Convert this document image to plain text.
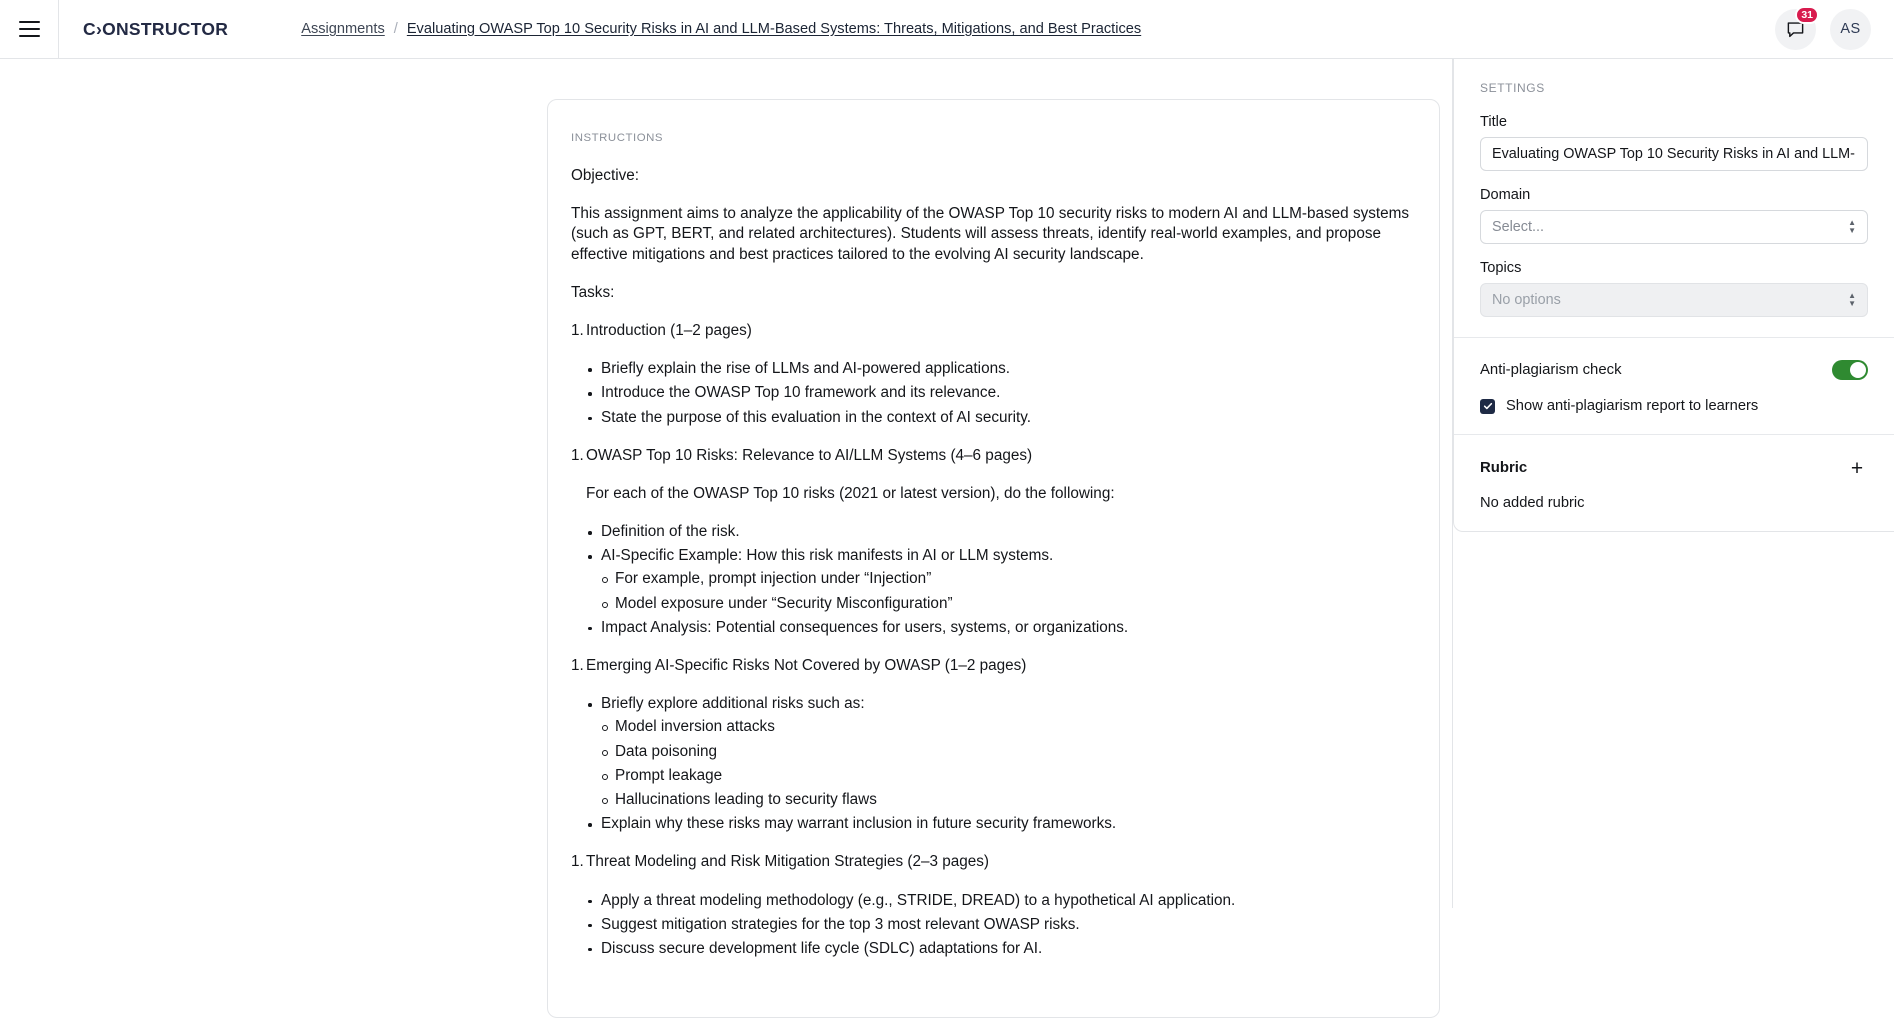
C›ONSTRUCTOR	Assignments / Evaluating OWASP Top 10 Security Risks in AI and LLM-Based Systems: Threats, Mitigations, and Best Practices
31
AS
INSTRUCTIONS

Objective:

This assignment aims to analyze the applicability of the OWASP Top 10 security risks to modern AI and LLM-based systems (such as GPT, BERT, and related architectures). Students will assess threats, identify real-world examples, and propose effective mitigations and best practices tailored to the evolving AI security landscape.

Tasks:

1. Introduction (1–2 pages)

Briefly explain the rise of LLMs and AI-powered applications.
Introduce the OWASP Top 10 framework and its relevance.
State the purpose of this evaluation in the context of AI security.

1. OWASP Top 10 Risks: Relevance to AI/LLM Systems (4–6 pages)

For each of the OWASP Top 10 risks (2021 or latest version), do the following:

Definition of the risk.
AI-Specific Example: How this risk manifests in AI or LLM systems.
For example, prompt injection under “Injection”
Model exposure under “Security Misconfiguration”
Impact Analysis: Potential consequences for users, systems, or organizations.

1. Emerging AI-Specific Risks Not Covered by OWASP (1–2 pages)

Briefly explore additional risks such as:
Model inversion attacks
Data poisoning
Prompt leakage
Hallucinations leading to security flaws
Explain why these risks may warrant inclusion in future security frameworks.

1. Threat Modeling and Risk Mitigation Strategies (2–3 pages)

Apply a threat modeling methodology (e.g., STRIDE, DREAD) to a hypothetical AI application.
Suggest mitigation strategies for the top 3 most relevant OWASP risks.
Discuss secure development life cycle (SDLC) adaptations for AI.
SETTINGS
Title
Evaluating OWASP Top 10 Security Risks in AI and LLM-Based Systems: Threats, Mitigations, and Best Practices
Domain
Select...	▲
▼
Topics
No options	▲
▼
Anti-plagiarism check
Show anti-plagiarism report to learners
Rubric	+
No added rubric
